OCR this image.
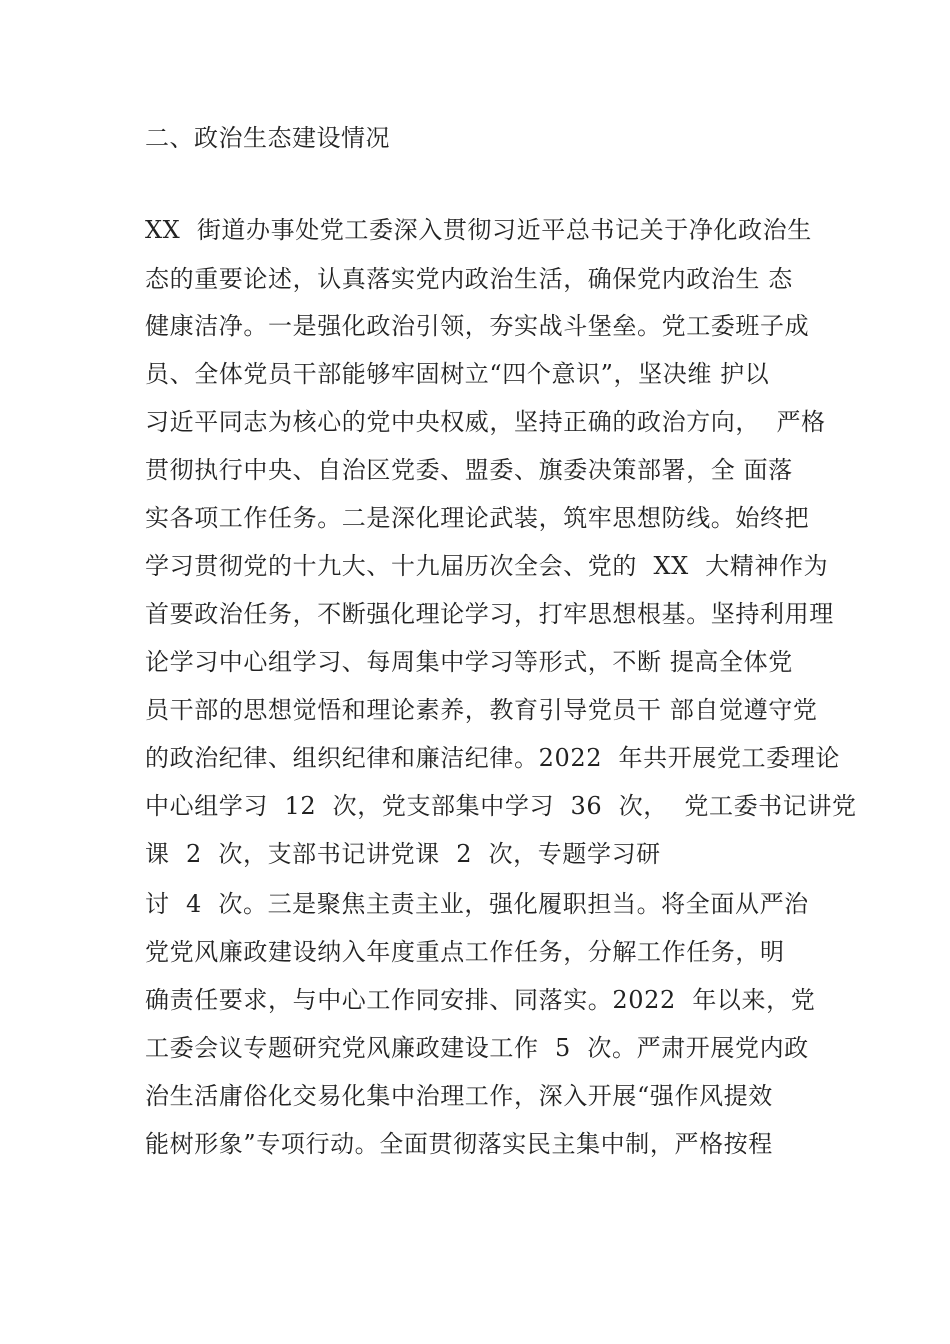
二、政治生态建设情况
XX  街道办事处党工委深入贯彻习近平总书记关于净化政治生
态的重要论述，认真落实党内政治生活，确保党内政治生 态
健康洁净。一是强化政治引领，夯实战斗堡垒。党工委班子成
员、全体党员干部能够牢固树立“四个意识”，坚决维 护以
习近平同志为核心的党中央权威，坚持正确的政治方向，  严格
贯彻执行中央、自治区党委、盟委、旗委决策部署，全 面落
实各项工作任务。二是深化理论武装，筑牢思想防线。始终把
学习贯彻党的十九大、十九届历次全会、党的  XX  大精神作为
首要政治任务，不断强化理论学习，打牢思想根基。坚持利用理
论学习中心组学习、每周集中学习等形式，不断 提高全体党
员干部的思想觉悟和理论素养，教育引导党员干 部自觉遵守党
的政治纪律、组织纪律和廉洁纪律。2022  年共开展党工委理论
中心组学习  12  次，党支部集中学习  36  次，  党工委书记讲党
课  2  次，支部书记讲党课  2  次，专题学习研
讨  4  次。三是聚焦主责主业，强化履职担当。将全面从严治
党党风廉政建设纳入年度重点工作任务，分解工作任务，明
确责任要求，与中心工作同安排、同落实。2022  年以来，党
工委会议专题研究党风廉政建设工作  5  次。严肃开展党内政
治生活庸俗化交易化集中治理工作，深入开展“强作风提效
能树形象”专项行动。全面贯彻落实民主集中制，严格按程
